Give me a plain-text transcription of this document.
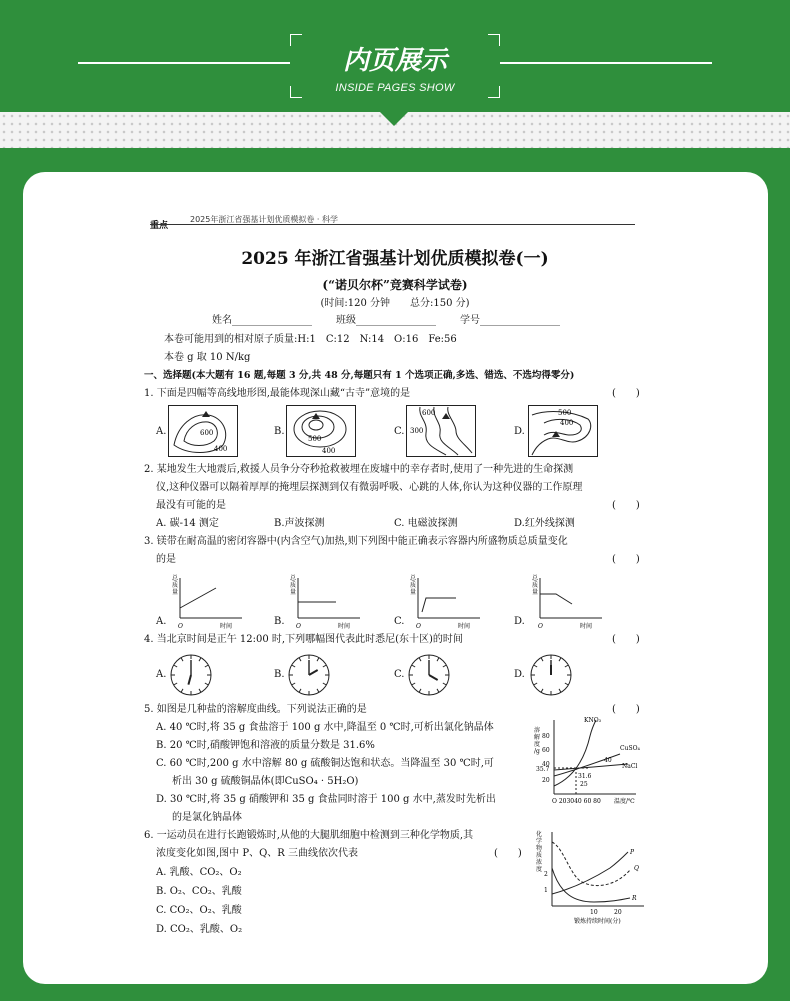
内页展示
INSIDE PAGES SHOW
重点
2025年浙江省强基计划优质模拟卷 · 科学
2025 年浙江省强基计划优质模拟卷(一)
(“诺贝尔杯”竞赛科学试卷)
(时间:120 分钟　　总分:150 分)
姓名________________ 班级________________ 学号________________
本卷可能用到的相对原子质量:H:1　C:12　N:14　O:16　Fe:56
本卷 g 取 10 N/kg
一、选择题(本大题有 16 题,每题 3 分,共 48 分,每题只有 1 个选项正确,多选、错选、不选均得零分)
1. 下面是四幅等高线地形图,最能体现深山藏“古寺”意境的是	(　　)
A.	B.	C.	D.
600
400
500
400
600
300
500
400
2. 某地发生大地震后,救援人员争分夺秒抢救被埋在废墟中的幸存者时,使用了一种先进的生命探测
仪,这种仪器可以隔着厚厚的掩埋层探测到仅有微弱呼吸、心跳的人体,你认为这种仪器的工作原理
最没有可能的是	(　　)
A. 碳-14 测定	B.声波探测	C. 电磁波探测	D.红外线探测
3. 镁带在耐高温的密闭容器中(内含空气)加热,则下列图中能正确表示容器内所盛物质总质量变化
的是	(　　)
A.	B.	C.	D.
总
质
量
O	时间
总
质
量
O	时间
总
质
量
O	时间
总
质
量
O	时间
4. 当北京时间是正午 12:00 时,下列哪幅图代表此时悉尼(东十区)的时间	(　　)
A.	B.	C.	D.
5. 如图是几种盐的溶解度曲线。下列说法正确的是	(　　)
A. 40 ℃时,将 35 g 食盐溶于 100 g 水中,降温至 0 ℃时,可析出氯化钠晶体
B. 20 ℃时,硝酸钾饱和溶液的质量分数是 31.6%
C. 60 ℃时,200 g 水中溶解 80 g 硫酸铜达饱和状态。当降温至 30 ℃时,可
析出 30 g 硫酸铜晶体(即CuSO₄ · 5H₂O)
D. 30 ℃时,将 35 g 硝酸钾和 35 g 食盐同时溶于 100 g 水中,蒸发时先析出
的是氯化钠晶体
溶
解
度
/g
80
60
40
35.7
20
KNO₃
CuSO₄
NaCl
40
31.6
25
O 203040 60 80 温度/℃
6. 一运动员在进行长跑锻炼时,从他的大腿肌细胞中检测到三种化学物质,其
浓度变化如图,图中 P、Q、R 三曲线依次代表	(　　)
A. 乳酸、CO₂、O₂
B. O₂、CO₂、乳酸
C. CO₂、O₂、乳酸
D. CO₂、乳酸、O₂
化
学
物
质
浓
度
2
1
P
Q
R
10	20
锻炼持续时间(分)
